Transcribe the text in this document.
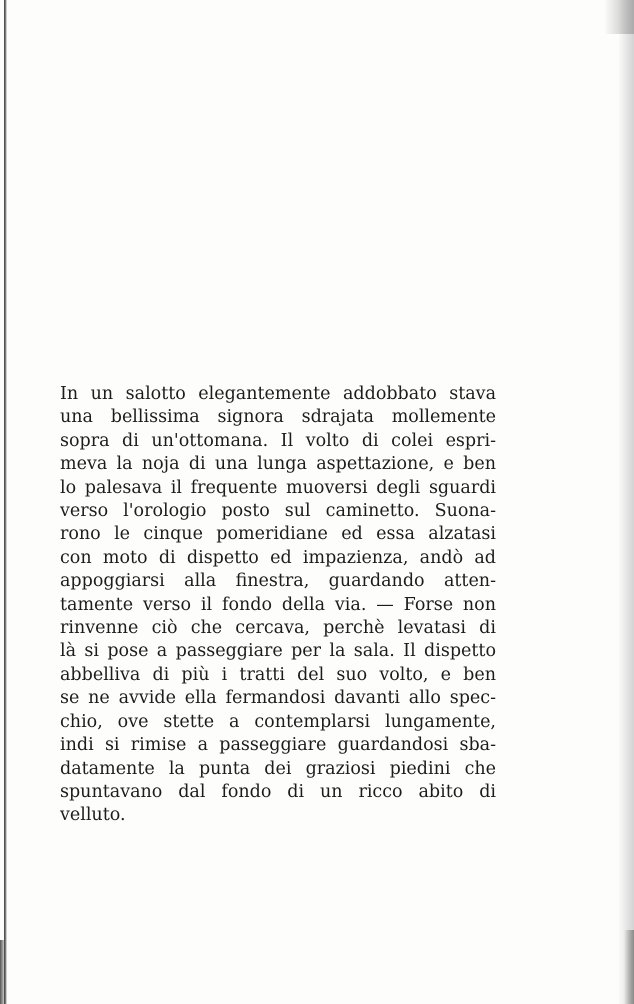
In un salotto elegantemente addobbato stava
una bellissima signora sdrajata mollemente
sopra di un'ottomana. Il volto di colei espri-
meva la noja di una lunga aspettazione, e ben
lo palesava il frequente muoversi degli sguardi
verso l'orologio posto sul caminetto. Suona-
rono le cinque pomeridiane ed essa alzatasi
con moto di dispetto ed impazienza, andò ad
appoggiarsi alla finestra, guardando atten-
tamente verso il fondo della via. — Forse non
rinvenne ciò che cercava, perchè levatasi di
là si pose a passeggiare per la sala. Il dispetto
abbelliva di più i tratti del suo volto, e ben
se ne avvide ella fermandosi davanti allo spec-
chio, ove stette a contemplarsi lungamente,
indi si rimise a passeggiare guardandosi sba-
datamente la punta dei graziosi piedini che
spuntavano dal fondo di un ricco abito di
velluto.
